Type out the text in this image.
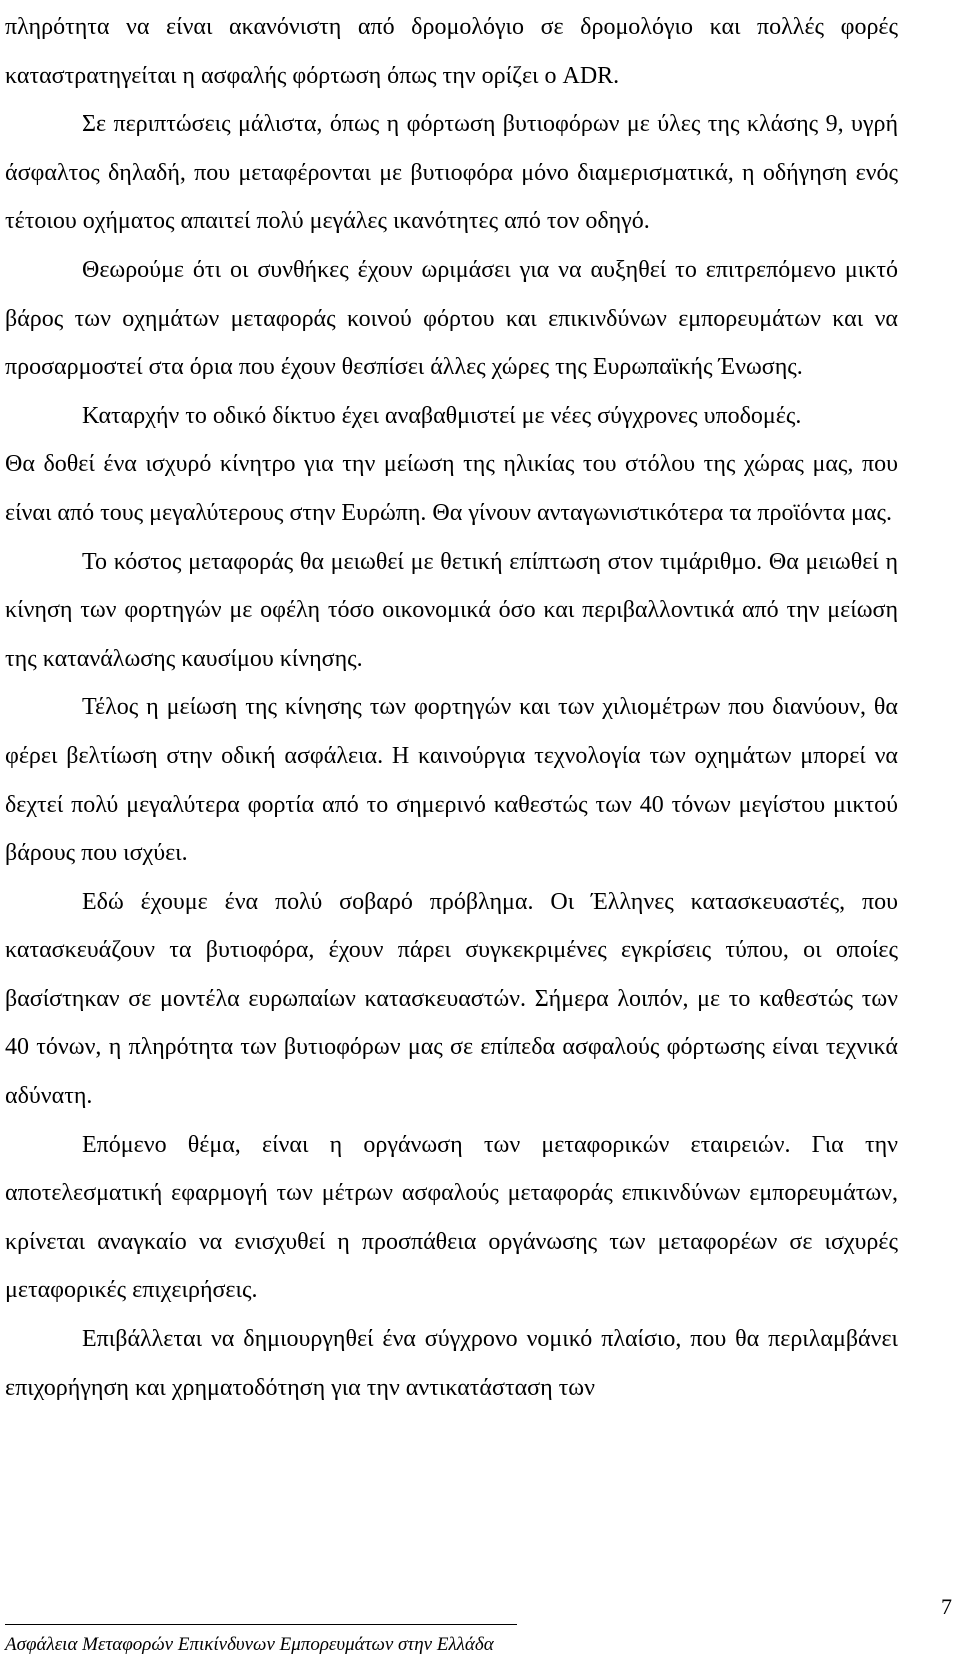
πληρότητα να είναι ακανόνιστη από δρομολόγιο σε δρομολόγιο και πολλές φορές καταστρατηγείται η ασφαλής φόρτωση όπως την ορίζει ο ADR.

Σε περιπτώσεις μάλιστα, όπως η φόρτωση βυτιοφόρων με ύλες της κλάσης 9, υγρή άσφαλτος δηλαδή, που μεταφέρονται με βυτιοφόρα μόνο διαμερισματικά, η οδήγηση ενός τέτοιου οχήματος απαιτεί πολύ μεγάλες ικανότητες από τον οδηγό.

Θεωρούμε ότι οι συνθήκες έχουν ωριμάσει για να αυξηθεί το επιτρεπόμενο μικτό βάρος των οχημάτων μεταφοράς κοινού φόρτου και επικινδύνων εμπορευμάτων και να προσαρμοστεί στα όρια που έχουν θεσπίσει άλλες χώρες της Ευρωπαϊκής Ένωσης.

Καταρχήν το οδικό δίκτυο έχει αναβαθμιστεί με νέες σύγχρονες υποδομές.

Θα δοθεί ένα ισχυρό κίνητρο για την μείωση της ηλικίας του στόλου της χώρας μας, που είναι από τους μεγαλύτερους στην Ευρώπη. Θα γίνουν ανταγωνιστικότερα τα προϊόντα μας.

Το κόστος μεταφοράς θα μειωθεί με θετική επίπτωση στον τιμάριθμο. Θα μειωθεί η κίνηση των φορτηγών με οφέλη τόσο οικονομικά όσο και περιβαλλοντικά από την μείωση της κατανάλωσης καυσίμου κίνησης.

Τέλος η μείωση της κίνησης των φορτηγών και των χιλιομέτρων που διανύουν, θα φέρει βελτίωση στην οδική ασφάλεια. Η καινούργια τεχνολογία των οχημάτων μπορεί να δεχτεί πολύ μεγαλύτερα φορτία από το σημερινό καθεστώς των 40 τόνων μεγίστου μικτού βάρους που ισχύει.

Εδώ έχουμε ένα πολύ σοβαρό πρόβλημα. Οι Έλληνες κατασκευαστές, που κατασκευάζουν τα βυτιοφόρα, έχουν πάρει συγκεκριμένες εγκρίσεις τύπου, οι οποίες βασίστηκαν σε μοντέλα ευρωπαίων κατασκευαστών. Σήμερα λοιπόν, με το καθεστώς των 40 τόνων, η πληρότητα των βυτιοφόρων μας σε επίπεδα ασφαλούς φόρτωσης είναι τεχνικά αδύνατη.

Επόμενο θέμα, είναι η οργάνωση των μεταφορικών εταιρειών. Για την αποτελεσματική εφαρμογή των μέτρων ασφαλούς μεταφοράς επικινδύνων εμπορευμάτων, κρίνεται αναγκαίο να ενισχυθεί η προσπάθεια οργάνωσης των μεταφορέων σε ισχυρές μεταφορικές επιχειρήσεις.

Επιβάλλεται να δημιουργηθεί ένα σύγχρονο νομικό πλαίσιο, που θα περιλαμβάνει επιχορήγηση και χρηματοδότηση για την αντικατάσταση των

7
Ασφάλεια Μεταφορών Επικίνδυνων Εμπορευμάτων στην Ελλάδα
